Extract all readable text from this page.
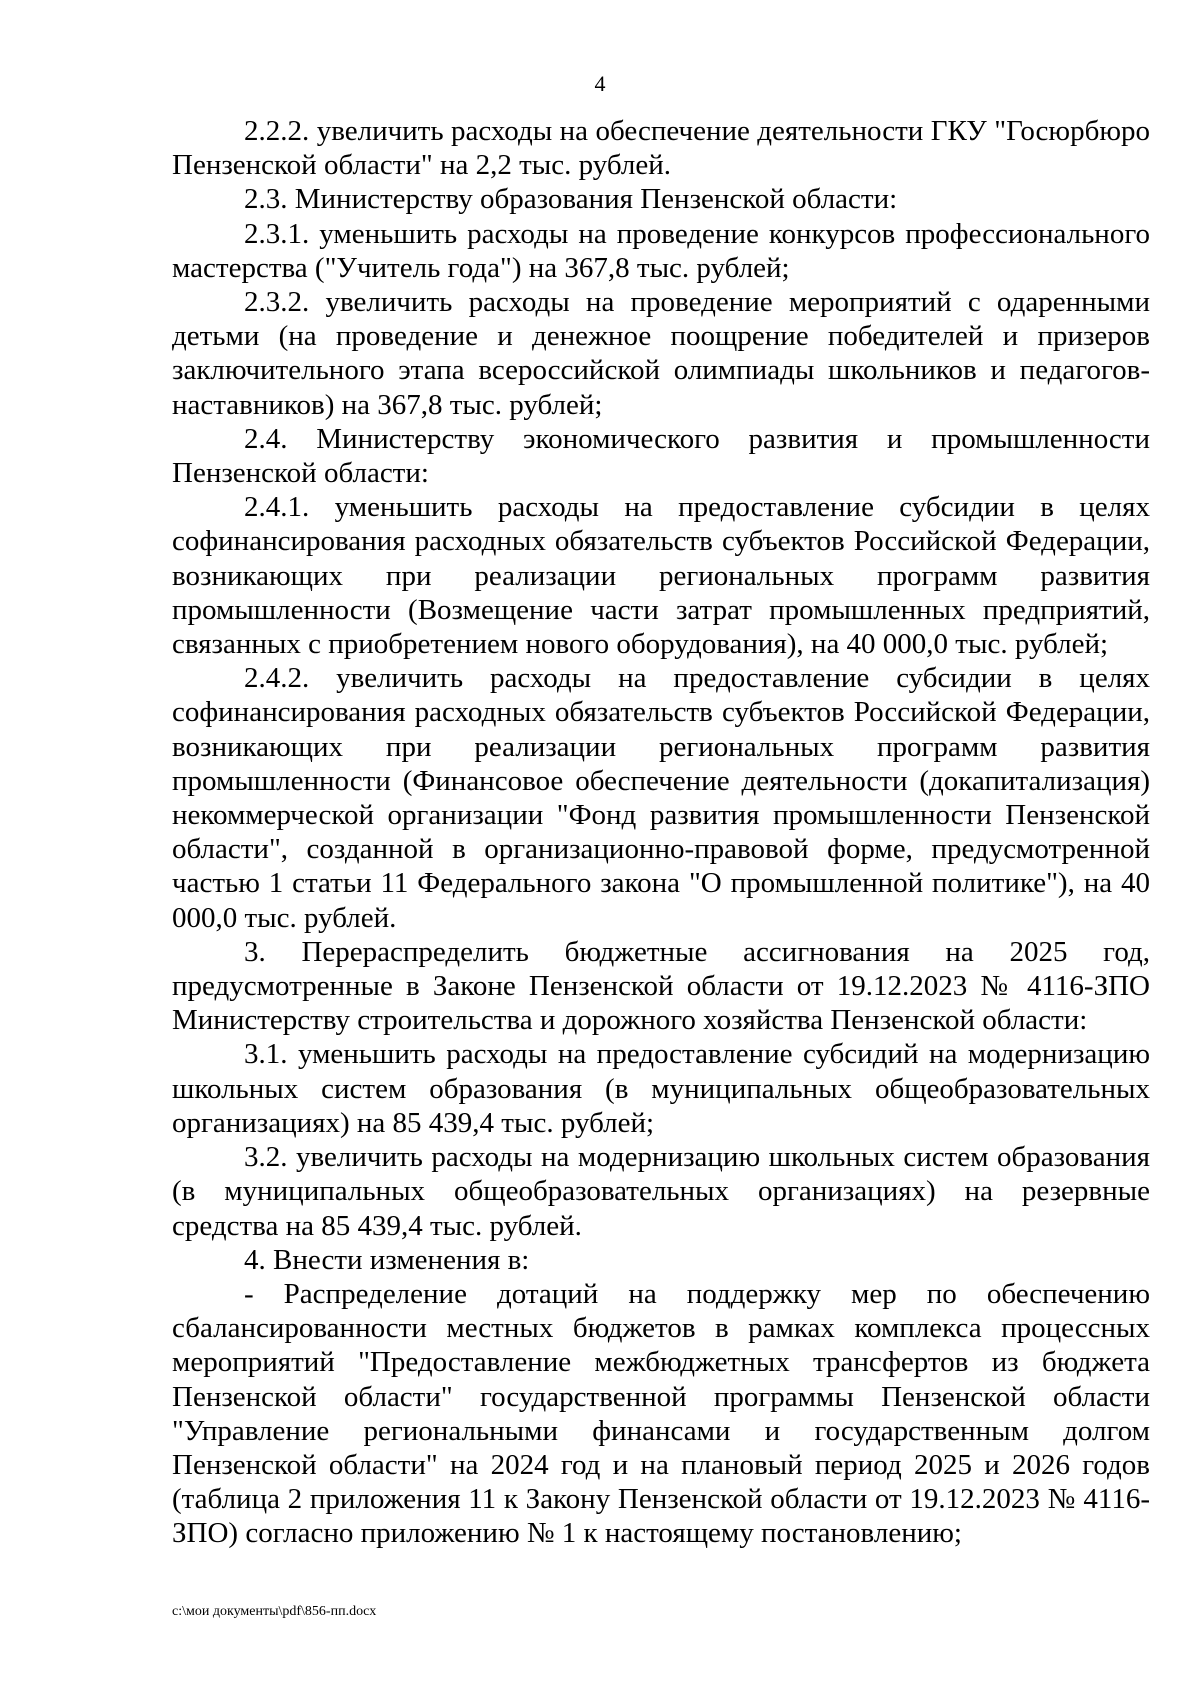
4

2.2.2. увеличить расходы на обеспечение деятельности ГКУ "Госюрбюро Пензенской области" на 2,2 тыс. рублей.

2.3. Министерству образования Пензенской области:

2.3.1. уменьшить расходы на проведение конкурсов профессионального мастерства ("Учитель года") на 367,8 тыс. рублей;

2.3.2. увеличить расходы на проведение мероприятий с одаренными детьми (на проведение и денежное поощрение победителей и призеров заключительного этапа всероссийской олимпиады школьников и педагогов-наставников) на 367,8 тыс. рублей;

2.4. Министерству экономического развития и промышленности Пензенской области:

2.4.1. уменьшить расходы на предоставление субсидии в целях софинансирования расходных обязательств субъектов Российской Федерации, возникающих при реализации региональных программ развития промышленности (Возмещение части затрат промышленных предприятий, связанных с приобретением нового оборудования), на 40 000,0 тыс. рублей;

2.4.2. увеличить расходы на предоставление субсидии в целях софинансирования расходных обязательств субъектов Российской Федерации, возникающих при реализации региональных программ развития промышленности (Финансовое обеспечение деятельности (докапитализация) некоммерческой организации "Фонд развития промышленности Пензенской области", созданной в организационно-правовой форме, предусмотренной частью 1 статьи 11 Федерального закона "О промышленной политике"), на 40 000,0 тыс. рублей.

3. Перераспределить бюджетные ассигнования на 2025 год, предусмотренные в Законе Пензенской области от 19.12.2023 № 4116-ЗПО Министерству строительства и дорожного хозяйства Пензенской области:

3.1. уменьшить расходы на предоставление субсидий на модернизацию школьных систем образования (в муниципальных общеобразовательных организациях) на 85 439,4 тыс. рублей;

3.2. увеличить расходы на модернизацию школьных систем образования (в муниципальных общеобразовательных организациях) на резервные средства на 85 439,4 тыс. рублей.

4. Внести изменения в:

- Распределение дотаций на поддержку мер по обеспечению сбалансированности местных бюджетов в рамках комплекса процессных мероприятий "Предоставление межбюджетных трансфертов из бюджета Пензенской области" государственной программы Пензенской области "Управление региональными финансами и государственным долгом Пензенской области" на 2024 год и на плановый период 2025 и 2026 годов (таблица 2 приложения 11 к Закону Пензенской области от 19.12.2023 № 4116-ЗПО) согласно приложению № 1 к настоящему постановлению;

c:\мои документы\pdf\856-пп.docx
